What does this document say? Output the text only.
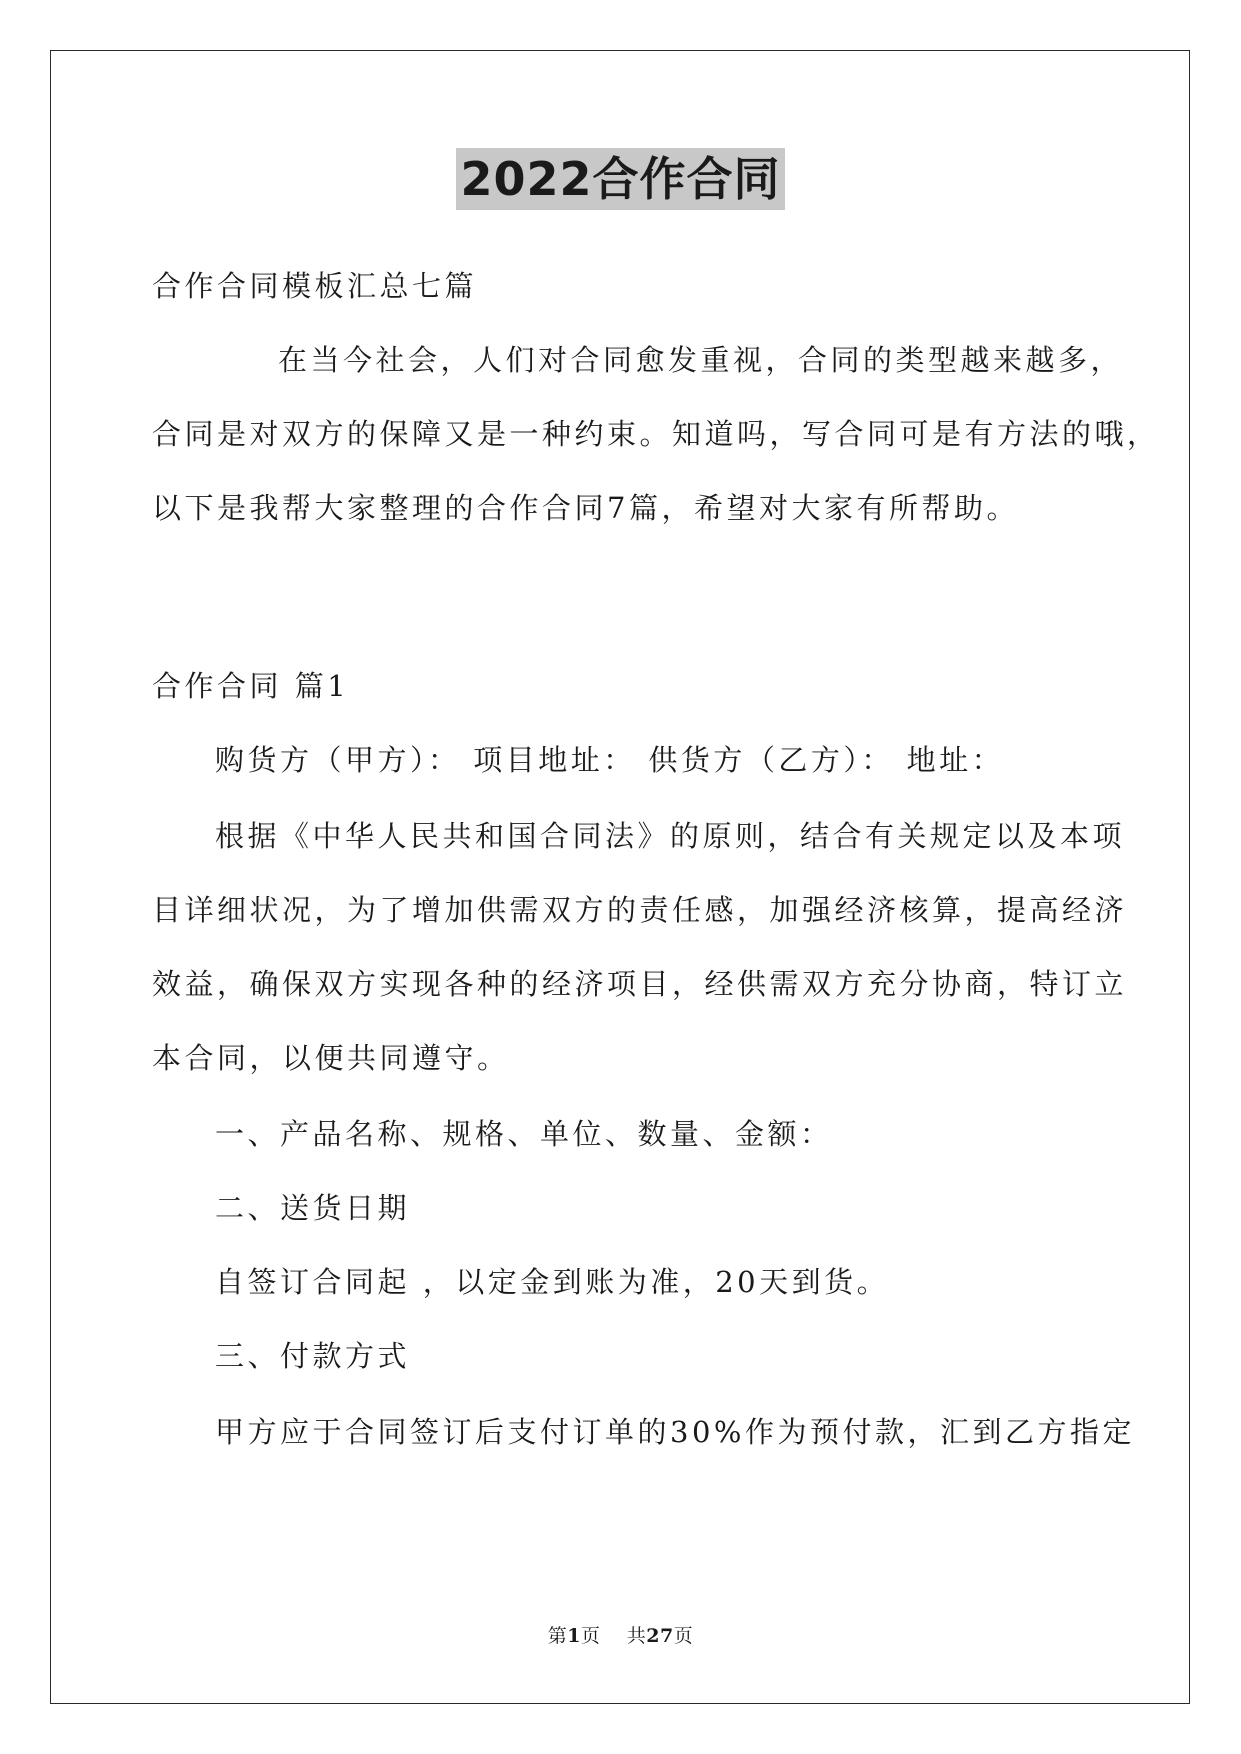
2022合作合同
合作合同模板汇总七篇
在当今社会，人们对合同愈发重视，合同的类型越来越多，
合同是对双方的保障又是一种约束。知道吗，写合同可是有方法的哦，
以下是我帮大家整理的合作合同7篇，希望对大家有所帮助。
合作合同 篇1
购货方（甲方）： 项目地址： 供货方（乙方）： 地址：
根据《中华人民共和国合同法》的原则，结合有关规定以及本项
目详细状况，为了增加供需双方的责任感，加强经济核算，提高经济
效益，确保双方实现各种的经济项目，经供需双方充分协商，特订立
本合同，以便共同遵守。
一、产品名称、规格、单位、数量、金额：
二、送货日期
自签订合同起 ，以定金到账为准，20天到货。
三、付款方式
甲方应于合同签订后支付订单的30%作为预付款，汇到乙方指定
第1页 共27页
